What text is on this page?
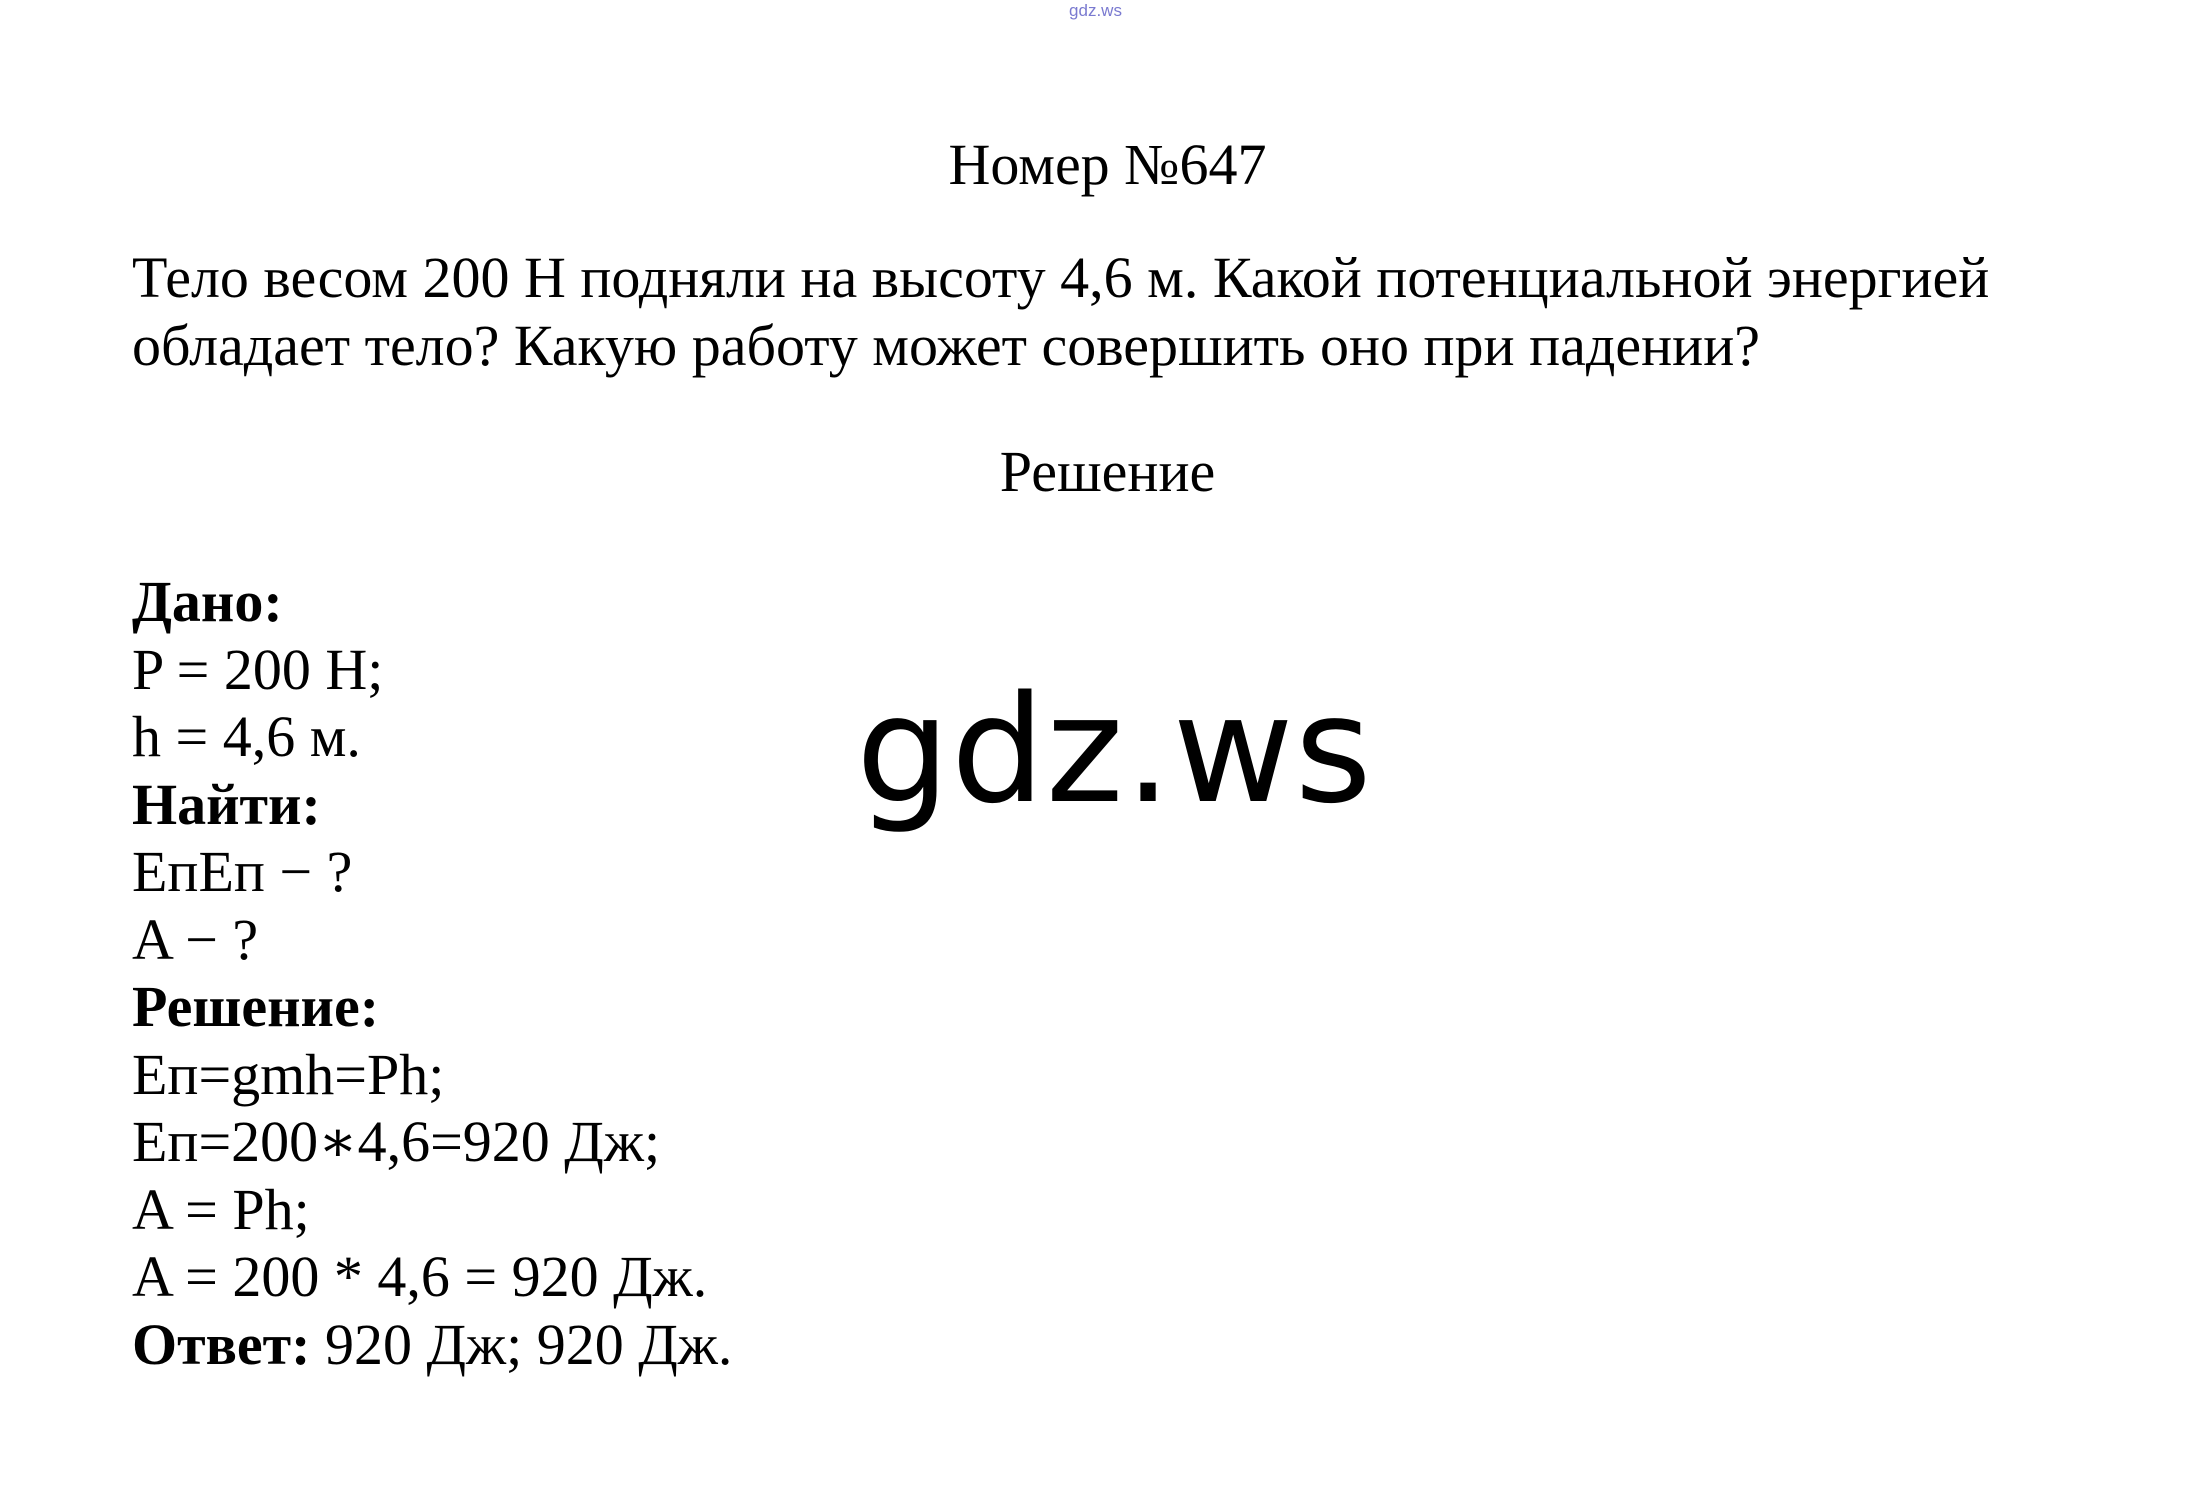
gdz.ws
Номер №647
Тело весом 200 Н подняли на высоту 4,6 м. Какой потенциальной энергией обладает тело? Какую работу может совершить оно при падении?
Решение
Дано:
P = 200 Н;
h = 4,6 м.
Найти:
ЕпЕп − ?
A − ?
Решение:
Еп=gmh=Ph;
Еп=200∗4,6=920 Дж;
A = Ph;
A = 200 * 4,6 = 920 Дж.
Ответ: 920 Дж; 920 Дж.
gdz.ws
